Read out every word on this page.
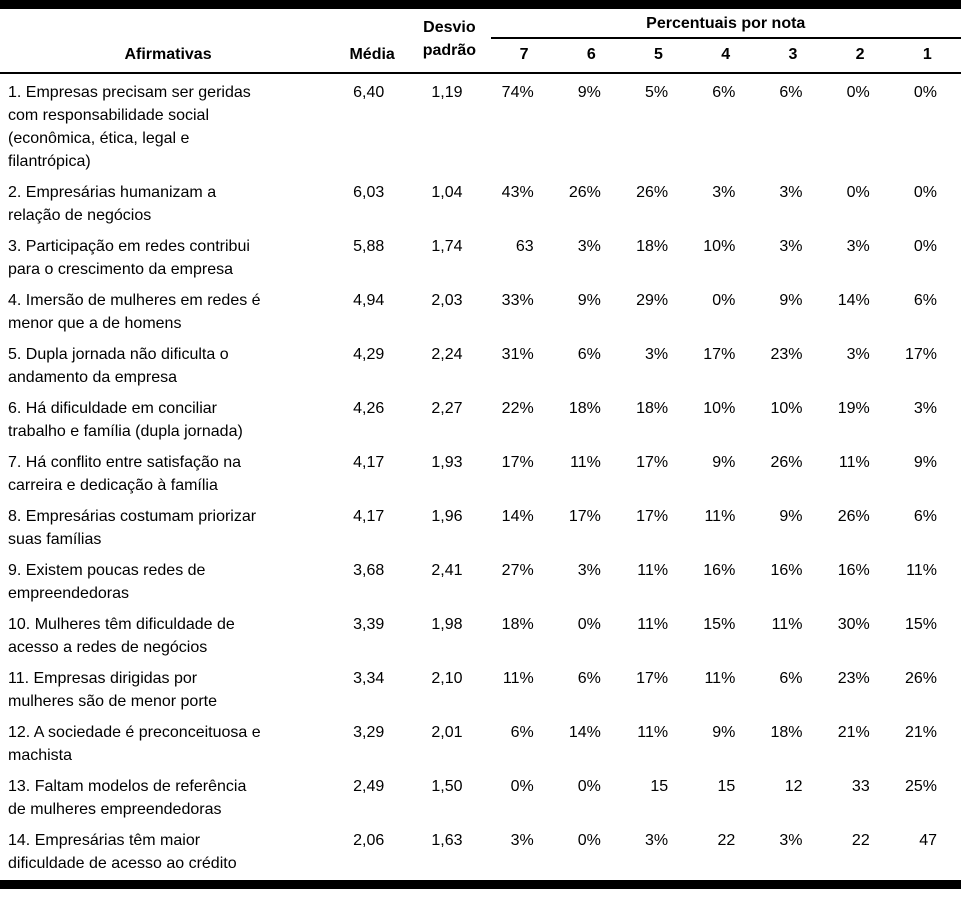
Afirmativas	Média	Desvio padrão	Percentuais por nota						
			7	6	5	4	3	2	1
1. Empresas precisam ser geridas com responsabilidade social (econômica, ética, legal e filantrópica)	6,40	1,19	74%	9%	5%	6%	6%	0%	0%
2. Empresárias humanizam a relação de negócios	6,03	1,04	43%	26%	26%	3%	3%	0%	0%
3. Participação em redes contribui para o crescimento da empresa	5,88	1,74	63	3%	18%	10%	3%	3%	0%
4. Imersão de mulheres em redes é menor que a de homens	4,94	2,03	33%	9%	29%	0%	9%	14%	6%
5. Dupla jornada não dificulta o andamento da empresa	4,29	2,24	31%	6%	3%	17%	23%	3%	17%
6. Há dificuldade em conciliar trabalho e família (dupla jornada)	4,26	2,27	22%	18%	18%	10%	10%	19%	3%
7. Há conflito entre satisfação na carreira e dedicação à família	4,17	1,93	17%	11%	17%	9%	26%	11%	9%
8. Empresárias costumam priorizar suas famílias	4,17	1,96	14%	17%	17%	11%	9%	26%	6%
9. Existem poucas redes de empreendedoras	3,68	2,41	27%	3%	11%	16%	16%	16%	11%
10. Mulheres têm dificuldade de acesso a redes de negócios	3,39	1,98	18%	0%	11%	15%	11%	30%	15%
11. Empresas dirigidas por mulheres são de menor porte	3,34	2,10	11%	6%	17%	11%	6%	23%	26%
12. A sociedade é preconceituosa e machista	3,29	2,01	6%	14%	11%	9%	18%	21%	21%
13. Faltam modelos de referência de mulheres empreendedoras	2,49	1,50	0%	0%	15	15	12	33	25%
14. Empresárias têm maior dificuldade de acesso ao crédito	2,06	1,63	3%	0%	3%	22	3%	22	47
